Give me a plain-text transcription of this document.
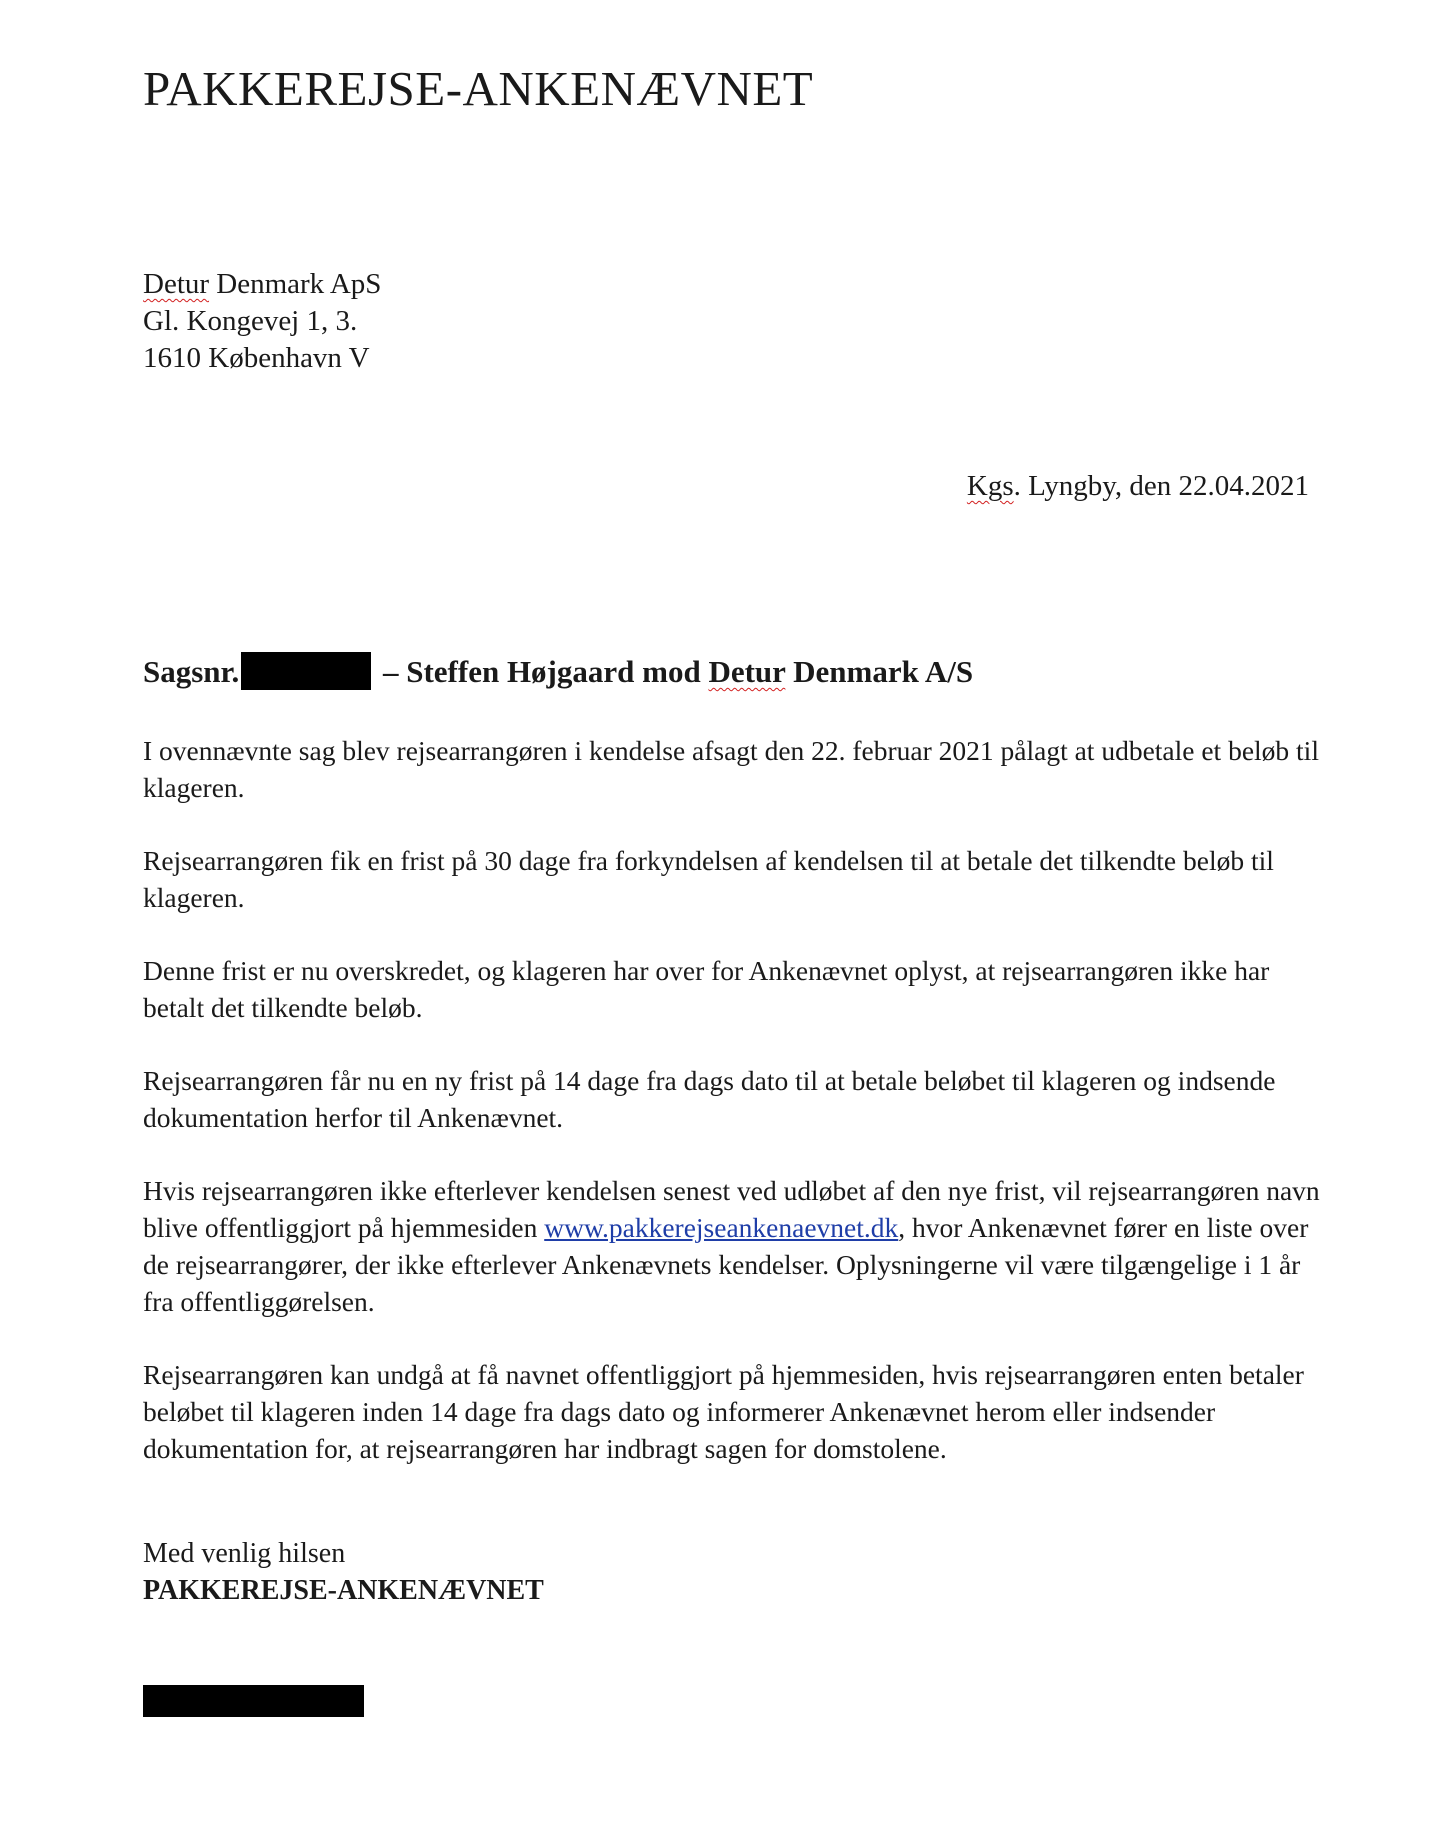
PAKKEREJSE-ANKENÆVNET
Detur Denmark ApS
Gl. Kongevej 1, 3.
1610 København V
Kgs. Lyngby, den 22.04.2021
Sagsnr.	– Steffen Højgaard mod Detur Denmark A/S

I ovennævnte sag blev rejsearrangøren i kendelse afsagt den 22. februar 2021 pålagt at udbetale et beløb til klageren.

Rejsearrangøren fik en frist på 30 dage fra forkyndelsen af kendelsen til at betale det tilkendte beløb til klageren.

Denne frist er nu overskredet, og klageren har over for Ankenævnet oplyst, at rejsearrangøren ikke har betalt det tilkendte beløb.

Rejsearrangøren får nu en ny frist på 14 dage fra dags dato til at betale beløbet til klageren og indsende dokumentation herfor til Ankenævnet.

Hvis rejsearrangøren ikke efterlever kendelsen senest ved udløbet af den nye frist, vil rejsearrangøren navn blive offentliggjort på hjemmesiden www.pakkerejseankenaevnet.dk, hvor Ankenævnet fører en liste over de rejsearrangører, der ikke efterlever Ankenævnets kendelser. Oplysningerne vil være tilgængelige i 1 år fra offentliggørelsen.

Rejsearrangøren kan undgå at få navnet offentliggjort på hjemmesiden, hvis rejsearrangøren enten betaler beløbet til klageren inden 14 dage fra dags dato og informerer Ankenævnet herom eller indsender dokumentation for, at rejsearrangøren har indbragt sagen for domstolene.

Med venlig hilsen
PAKKEREJSE-ANKENÆVNET
